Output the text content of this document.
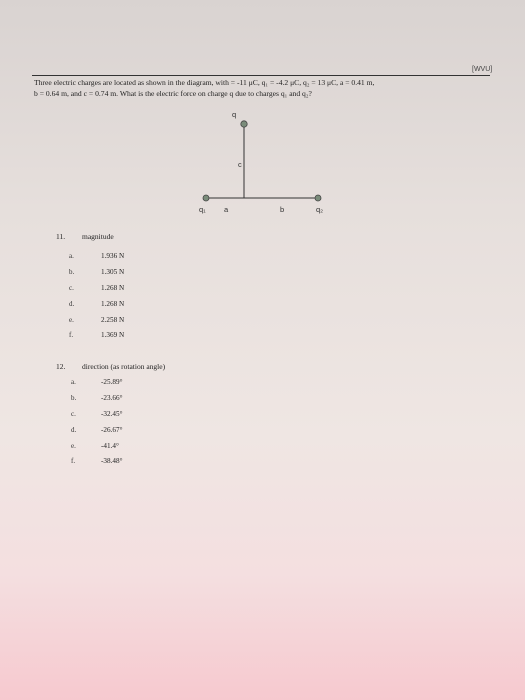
[WVU]

Three electric charges are located as shown in the diagram, with = -11 μC, q₁ = -4.2 μC, q₂ = 13 μC, a = 0.41 m,

b = 0.64 m, and c = 0.74 m. What is the electric force on charge q due to charges q₁ and q₂?

q
c
q₁ a	b	q₂
11. magnitude
a.	1.936 N
b.	1.305 N
c.	1.268 N
d.	1.268 N
e.	2.258 N
f.	1.369 N
12. direction (as rotation angle)
a.	-25.89°
b.	-23.66°
c.	-32.45°
d.	-26.67°
e.	-41.4°
f.	-38.48°
